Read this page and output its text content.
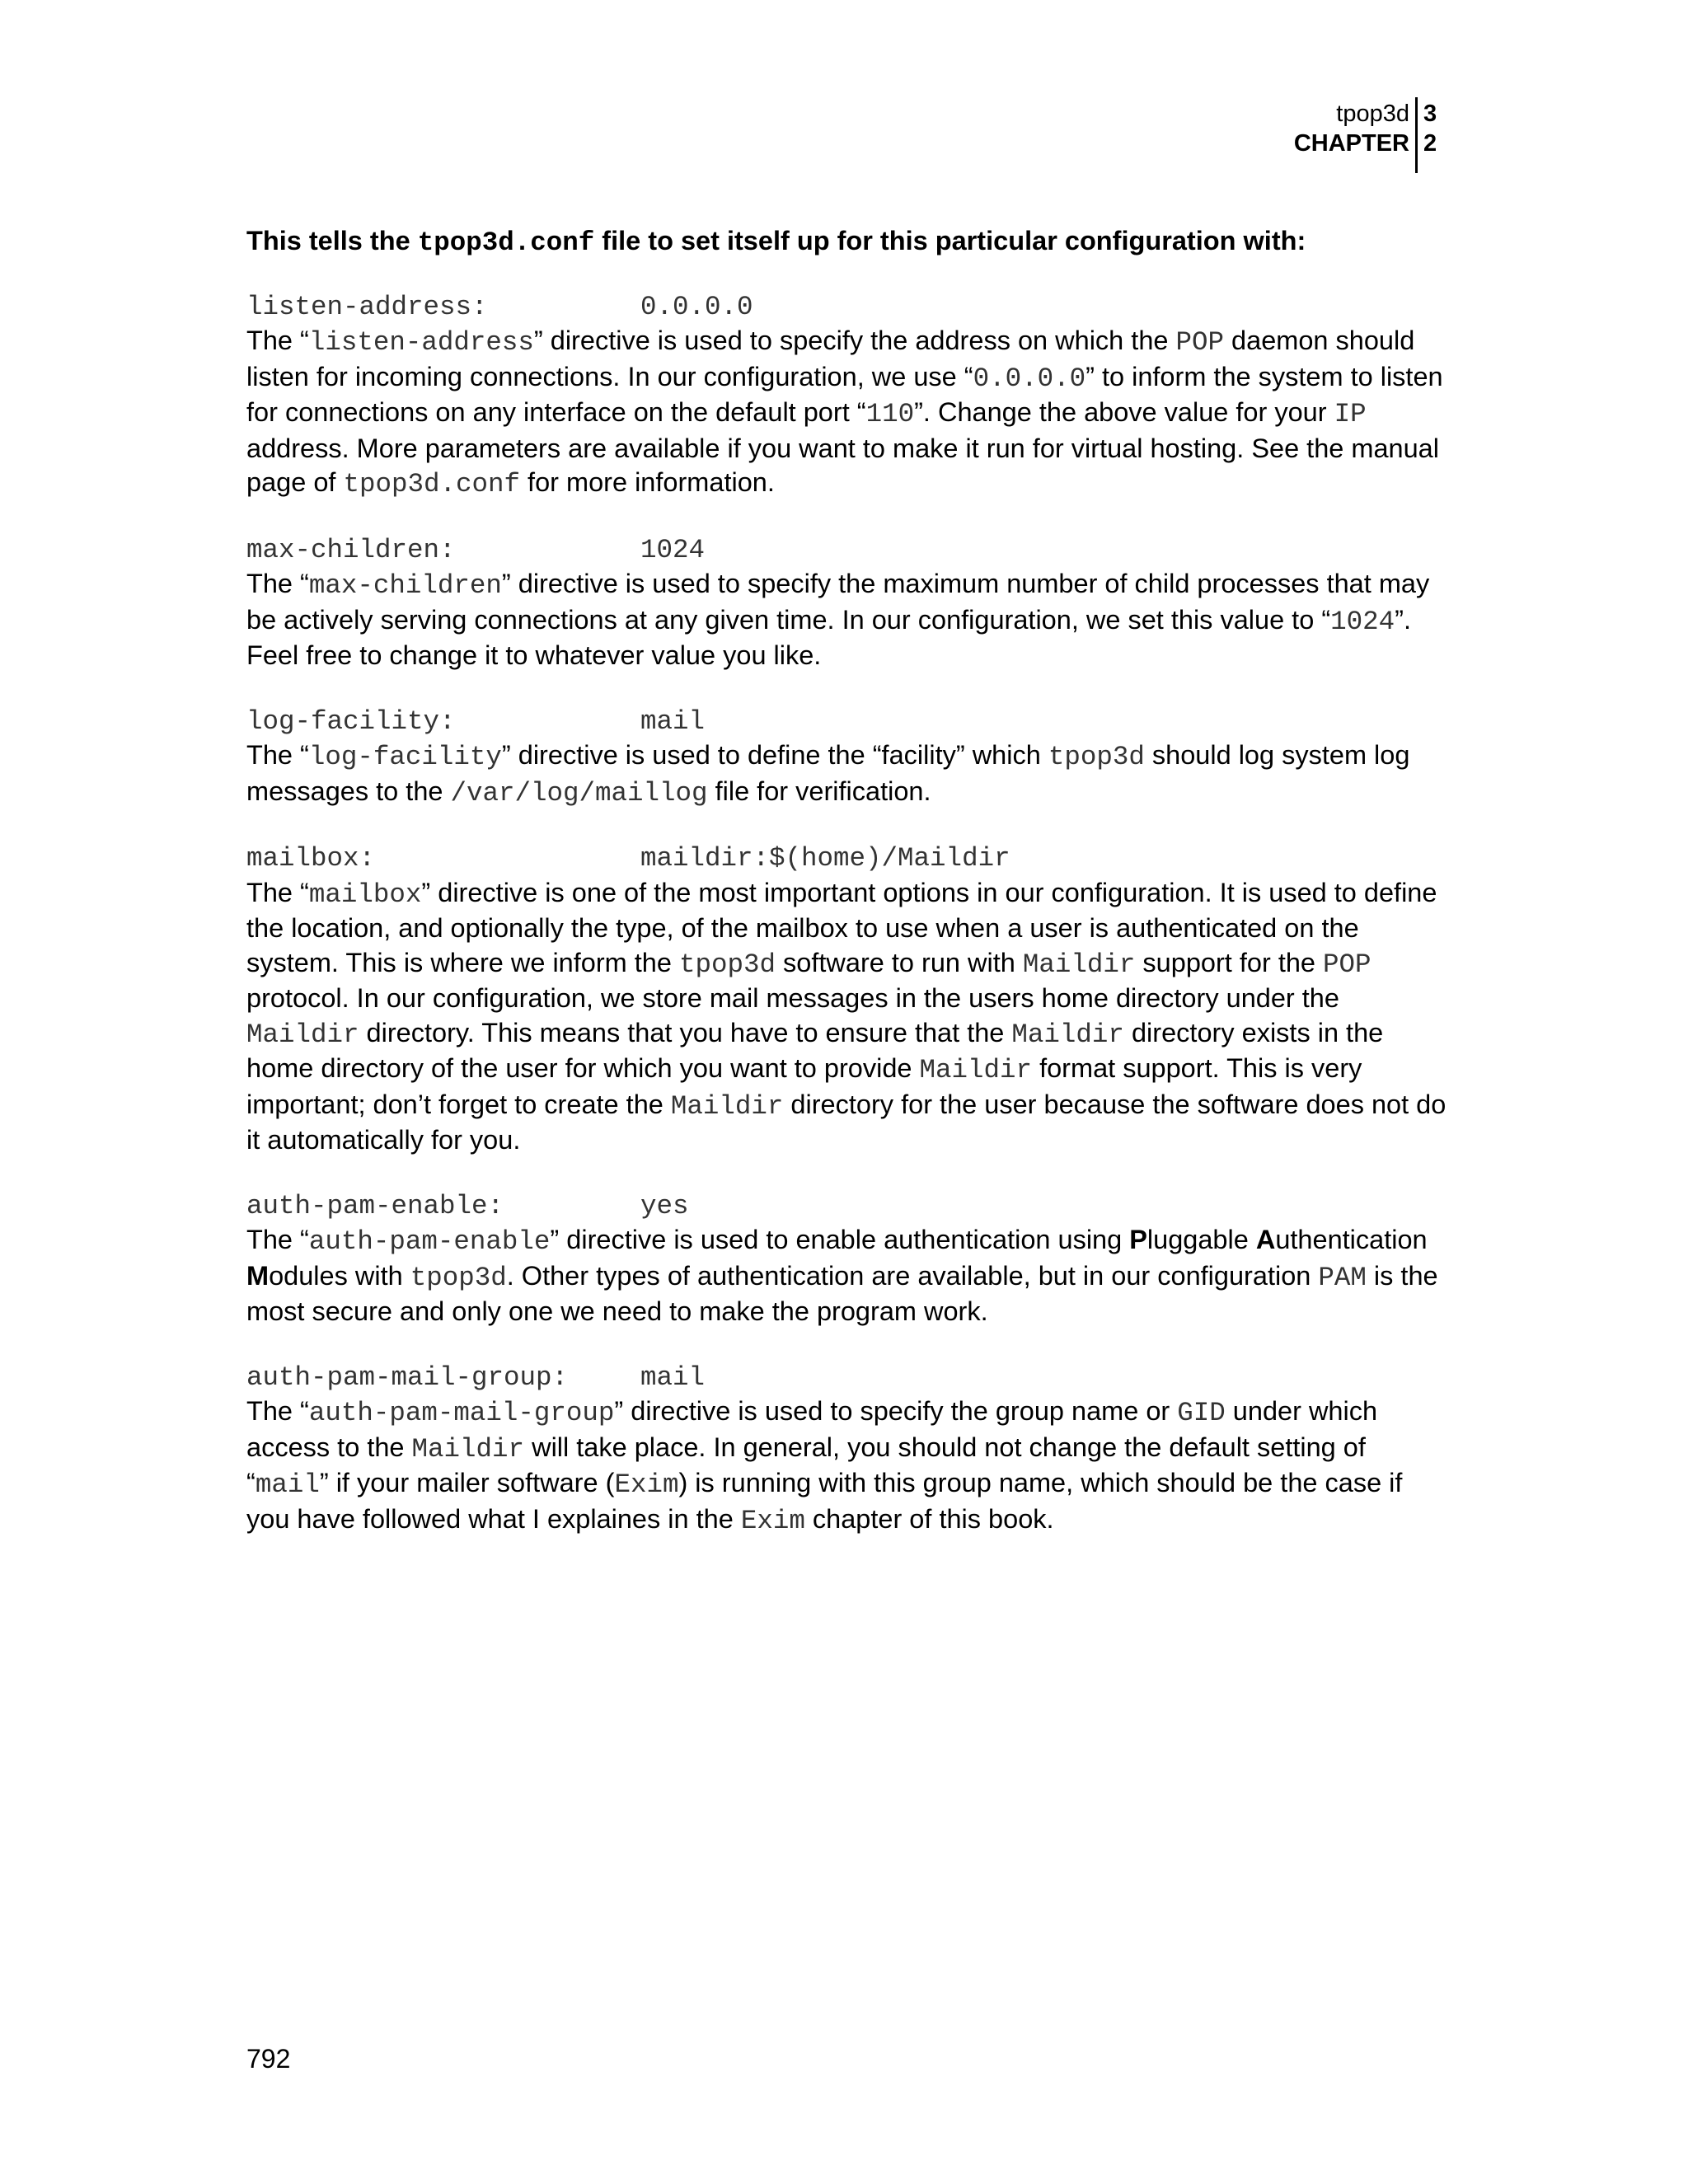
tpop3d
CHAPTER
3
2

This tells the tpop3d.conf file to set itself up for this particular configuration with:

listen-address:	0.0.0.0

The “listen-address” directive is used to specify the address on which the POP daemon should listen for incoming connections. In our configuration, we use “0.0.0.0” to inform the system to listen for connections on any interface on the default port “110”. Change the above value for your IP address. More parameters are available if you want to make it run for virtual hosting. See the manual page of tpop3d.conf for more information.

max-children:	1024

The “max-children” directive is used to specify the maximum number of child processes that may be actively serving connections at any given time. In our configuration, we set this value to “1024”. Feel free to change it to whatever value you like.

log-facility:	mail

The “log-facility” directive is used to define the “facility” which tpop3d should log system log messages to the /var/log/maillog file for verification.

mailbox:	maildir:$(home)/Maildir

The “mailbox” directive is one of the most important options in our configuration. It is used to define the location, and optionally the type, of the mailbox to use when a user is authenticated on the system. This is where we inform the tpop3d software to run with Maildir support for the POP protocol. In our configuration, we store mail messages in the users home directory under the Maildir directory. This means that you have to ensure that the Maildir directory exists in the home directory of the user for which you want to provide Maildir format support. This is very important; don’t forget to create the Maildir directory for the user because the software does not do it automatically for you.

auth-pam-enable:	yes

The “auth-pam-enable” directive is used to enable authentication using Pluggable Authentication Modules with tpop3d. Other types of authentication are available, but in our configuration PAM is the most secure and only one we need to make the program work.

auth-pam-mail-group:	mail

The “auth-pam-mail-group” directive is used to specify the group name or GID under which access to the Maildir will take place. In general, you should not change the default setting of “mail” if your mailer software (Exim) is running with this group name, which should be the case if you have followed what I explaines in the Exim chapter of this book.

792
